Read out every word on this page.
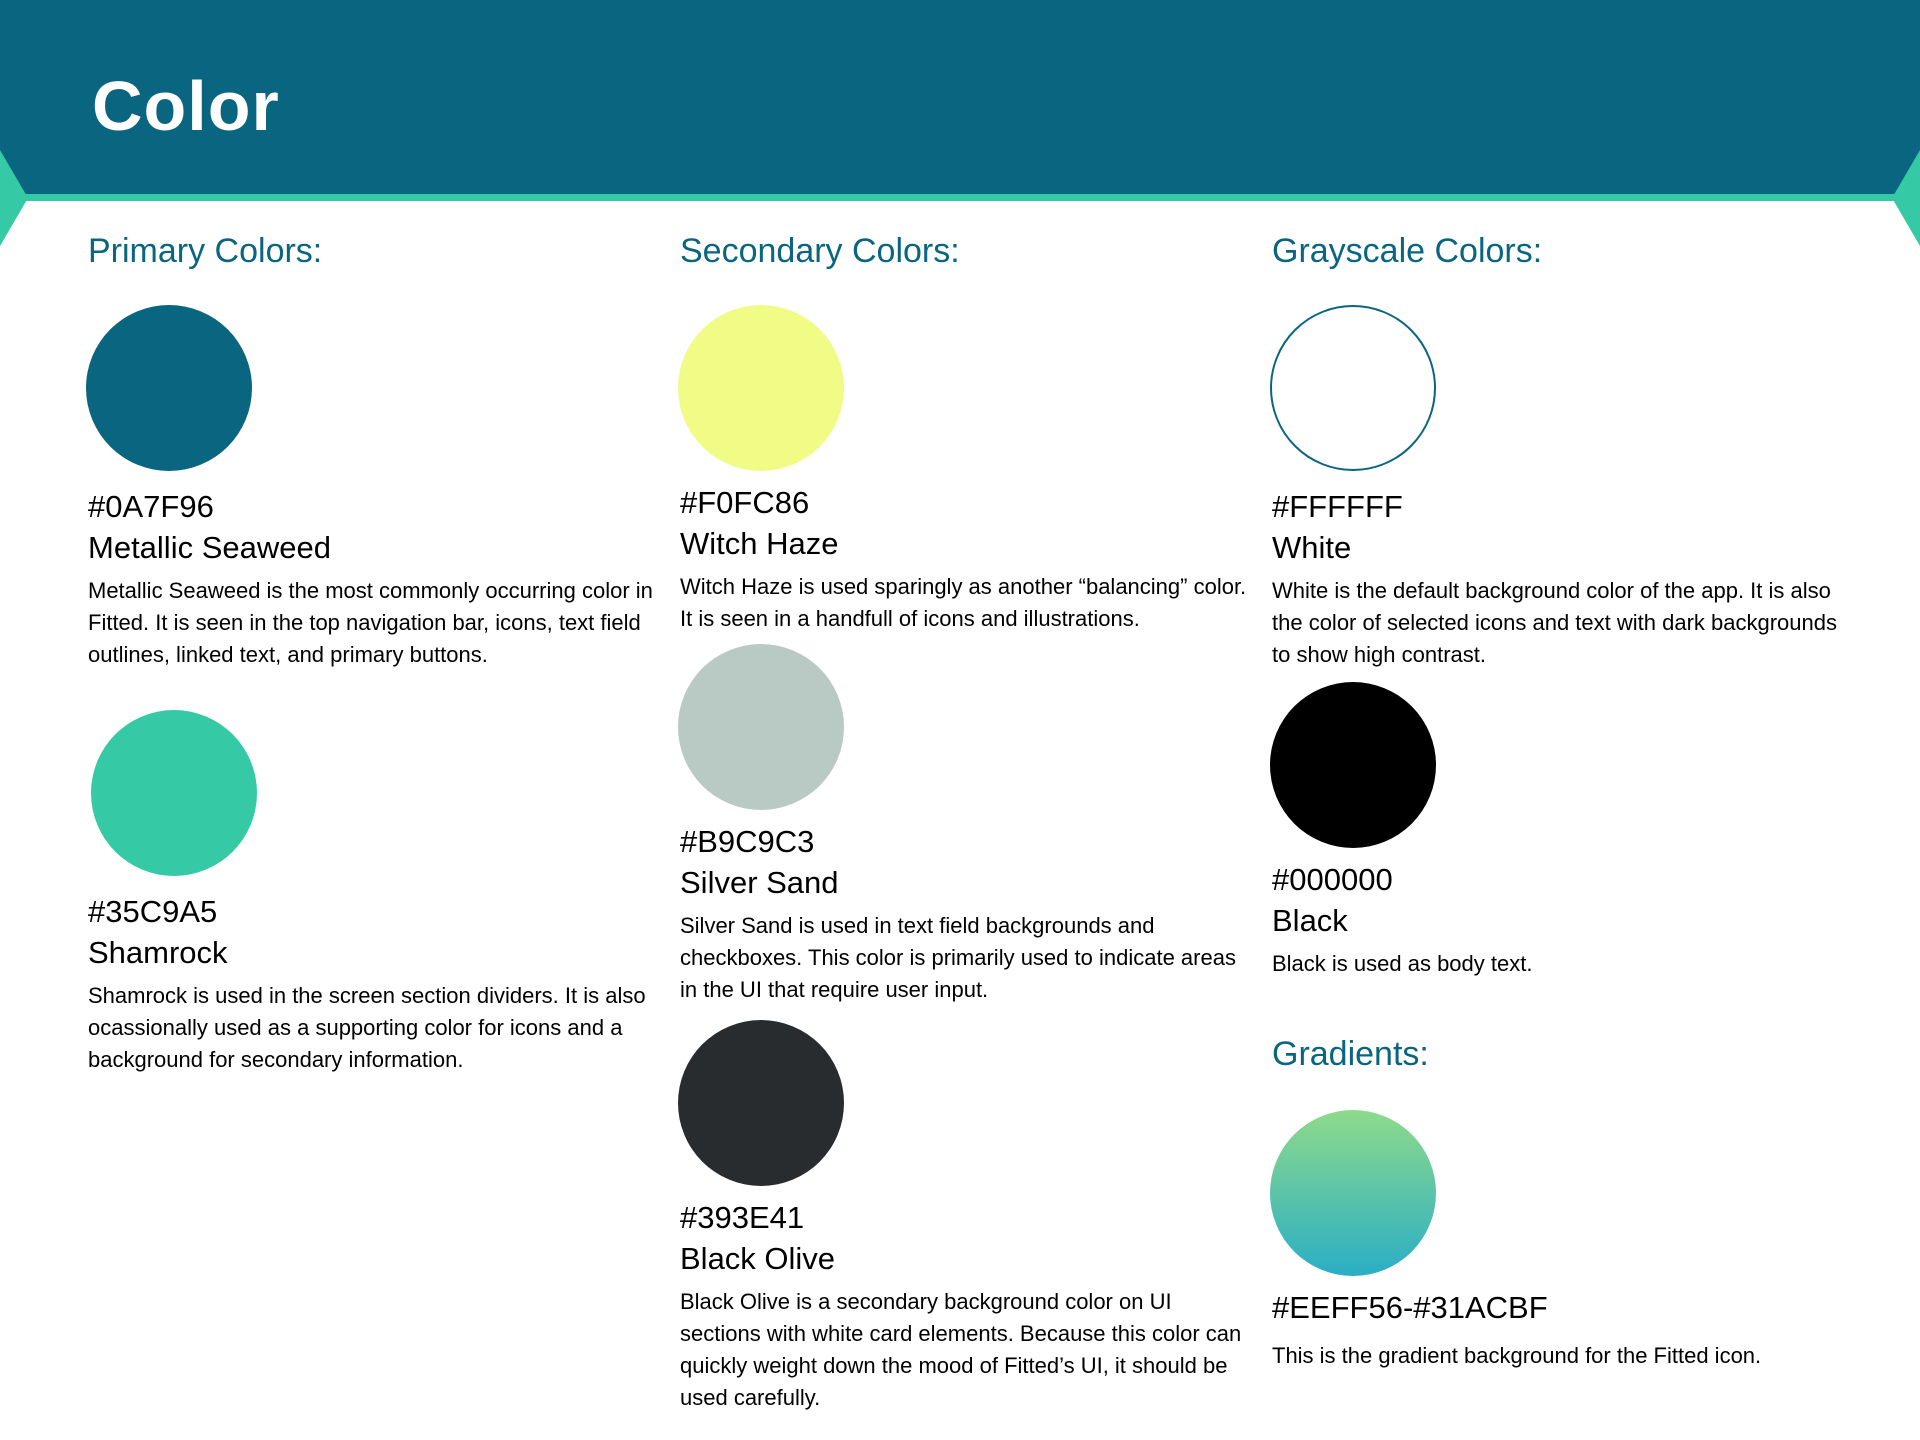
Color
Primary Colors:
#0A7F96
Metallic Seaweed
Metallic Seaweed is the most commonly occurring color in Fitted. It is seen in the top navigation bar, icons, text field outlines, linked text, and primary buttons.
#35C9A5
Shamrock
Shamrock is used in the screen section dividers. It is also ocassionally used as a supporting color for icons and a background for secondary information.
Secondary Colors:
#F0FC86
Witch Haze
Witch Haze is used sparingly as another “balancing” color. It is seen in a handfull of icons and illustrations.
#B9C9C3
Silver Sand
Silver Sand is used in text field backgrounds and checkboxes. This color is primarily used to indicate areas in the UI that require user input.
#393E41
Black Olive
Black Olive is a secondary background color on UI sections with white card elements. Because this color can quickly weight down the mood of Fitted’s UI, it should be used carefully.
Grayscale Colors:
#FFFFFF
White
White is the default background color of the app. It is also the color of selected icons and text with dark backgrounds to show high contrast.
#000000
Black
Black is used as body text.
Gradients:
#EEFF56-#31ACBF
This is the gradient background for the Fitted icon.
